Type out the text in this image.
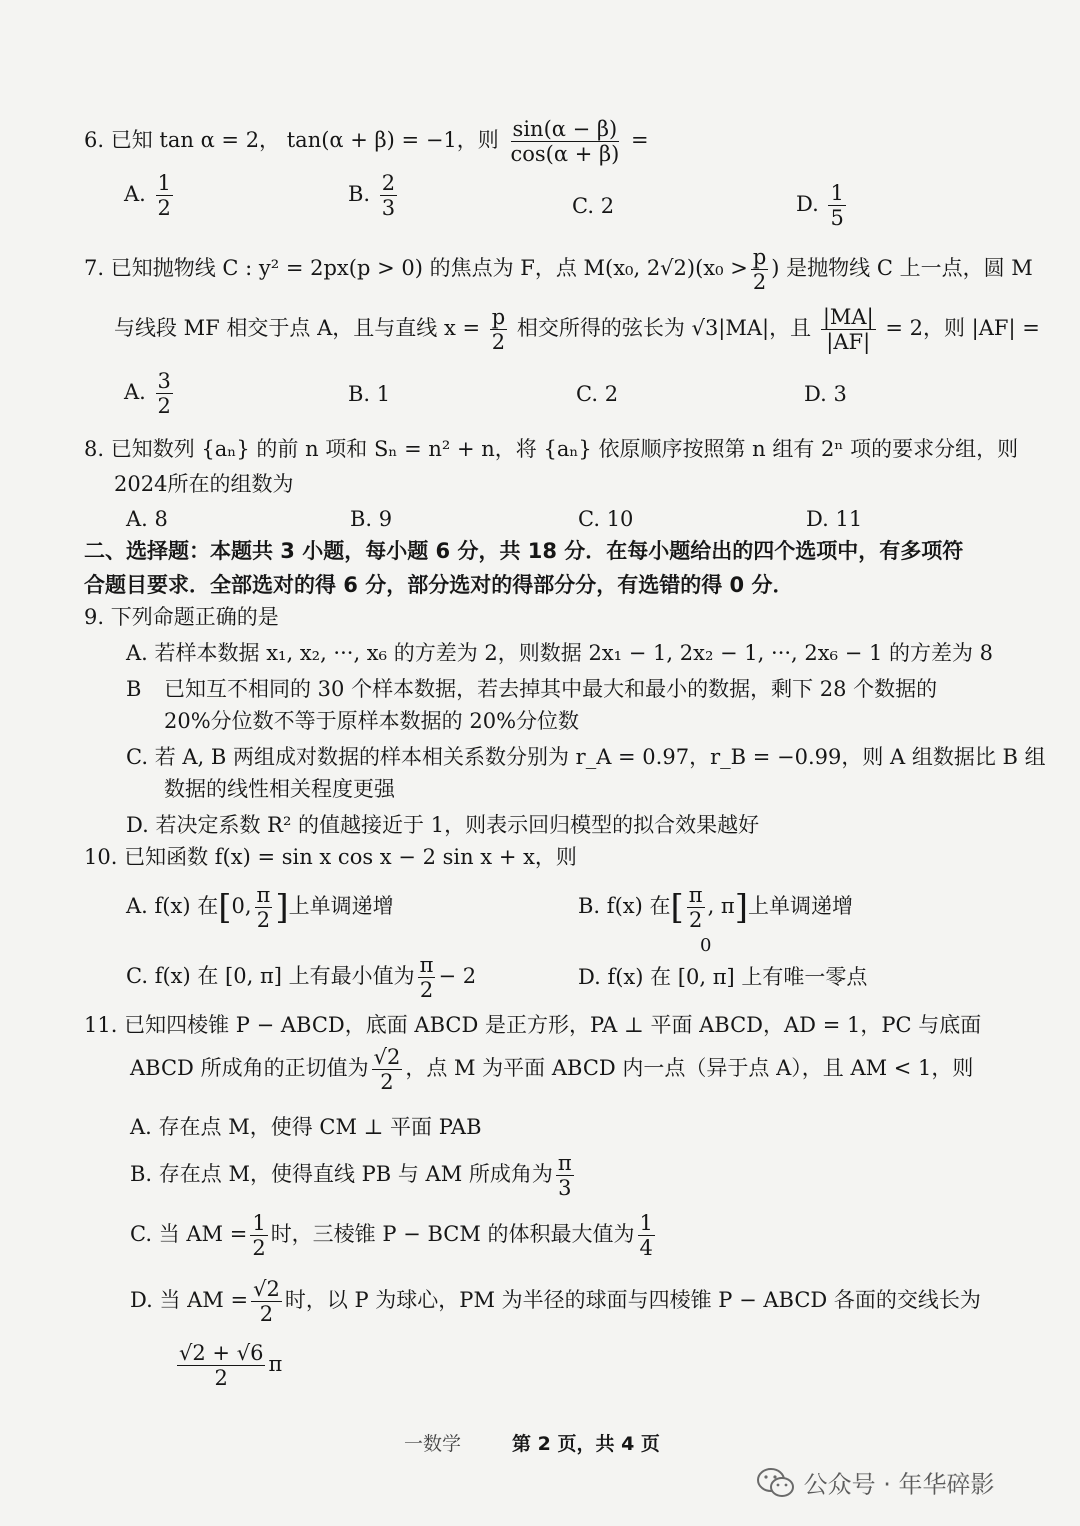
6. 已知 tan α = 2， tan(α + β) = −1，则 $\frac{\sin(\alpha - \beta)}{\cos(\alpha + \beta)}$ =
A. $\frac{1}{2}$	B. $\frac{2}{3}$	C. 2	D. $\frac{1}{5}$
7. 已知抛物线 C : y² = 2px(p > 0) 的焦点为 F，点 M(x₀, $2√2)(x_0 > \frac{p}{2}$ ) 是抛物线 C 上一点，圆 M
与线段 MF 相交于点 A，且与直线 $x = \frac{p}{2}$ 相交所得的弦长为 √3|MA|，且 $\frac{|MA|}{|AF|} = 2$，则 |AF| =
A. $\frac{3}{2}$	B. 1	C. 2	D. 3
8. 已知数列 {aₙ} 的前 n 项和 Sₙ = n² + n，将 {aₙ} 依原顺序按照第 n 组有 2ⁿ 项的要求分组，则
2024所在的组数为
A. 8	B. 9	C. 10	D. 11
二、选择题：本题共 3 小题，每小题 6 分，共 18 分．在每小题给出的四个选项中，有多项符
合题目要求．全部选对的得 6 分，部分选对的得部分分，有选错的得 0 分．
9. 下列命题正确的是
A. 若样本数据 x₁, x₂, ···, x₆ 的方差为 2，则数据 2x₁ − 1, 2x₂ − 1, ···, 2x₆ − 1 的方差为 8
B 已知互不相同的 30 个样本数据，若去掉其中最大和最小的数据，剩下 28 个数据的
20%分位数不等于原样本数据的 20%分位数
C. 若 A, B 两组成对数据的样本相关系数分别为 r_A = 0.97，r_B = −0.99，则 A 组数据比 B 组
数据的线性相关程度更强
D. 若决定系数 R² 的值越接近于 1，则表示回归模型的拟合效果越好
10. 已知函数 f(x) = sin x cos x − 2 sin x + x，则
A. f(x) 在[0, $\frac{\pi}{2}$ ]上单调递增	B. f(x) 在[ $\frac{\pi}{2}$ , π]上单调递增
0
C. f(x) 在 [0, π] 上有最小值为 $\frac{\pi}{2} - 2$	D. f(x) 在 [0, π] 上有唯一零点
11. 已知四棱锥 P − ABCD，底面 ABCD 是正方形，PA ⊥ 平面 ABCD，AD = 1，PC 与底面
ABCD 所成角的正切值为 $\frac{√2}{2}$ ，点 M 为平面 ABCD 内一点（异于点 A），且 AM < 1，则
A. 存在点 M，使得 CM ⊥ 平面 PAB
B. 存在点 M，使得直线 PB 与 AM 所成角为 $\frac{\pi}{3}$
C. 当 AM = $\frac{1}{2}$ 时，三棱锥 P − BCM 的体积最大值为 $\frac{1}{4}$
D. 当 AM = $\frac{√2}{2}$ 时，以 P 为球心，PM 为半径的球面与四棱锥 P − ABCD 各面的交线长为
$\frac{√2 + √6}{2}$ π
一数学	第 2 页，共 4 页
公众号 · 年华碎影
